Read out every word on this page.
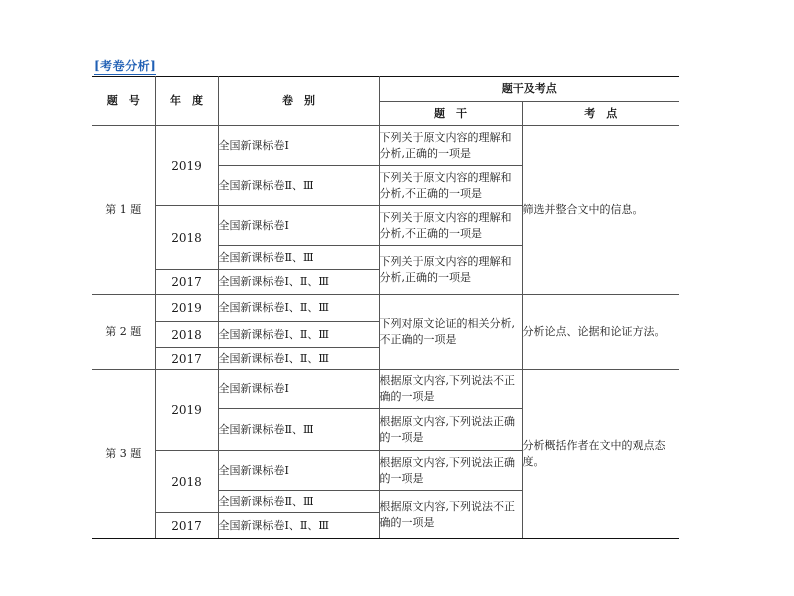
[考卷分析]
题　号	年　度	卷　别	题干及考点	
			题　干	考　点
第 1 题	2019	全国新课标卷Ⅰ	下列关于原文内容的理解和分析,正确的一项是	筛选并整合文中的信息。
		全国新课标卷Ⅱ、Ⅲ	下列关于原文内容的理解和分析,不正确的一项是	
	2018	全国新课标卷Ⅰ	下列关于原文内容的理解和分析,不正确的一项是	
		全国新课标卷Ⅱ、Ⅲ	下列关于原文内容的理解和分析,正确的一项是	
	2017	全国新课标卷Ⅰ、Ⅱ、Ⅲ		
第 2 题	2019	全国新课标卷Ⅰ、Ⅱ、Ⅲ	下列对原文论证的相关分析,不正确的一项是	分析论点、论据和论证方法。
	2018	全国新课标卷Ⅰ、Ⅱ、Ⅲ		
	2017	全国新课标卷Ⅰ、Ⅱ、Ⅲ		
第 3 题	2019	全国新课标卷Ⅰ	根据原文内容,下列说法不正确的一项是	分析概括作者在文中的观点态度。
		全国新课标卷Ⅱ、Ⅲ	根据原文内容,下列说法正确的一项是	
	2018	全国新课标卷Ⅰ	根据原文内容,下列说法正确的一项是	
		全国新课标卷Ⅱ、Ⅲ	根据原文内容,下列说法不正确的一项是	
	2017	全国新课标卷Ⅰ、Ⅱ、Ⅲ		
